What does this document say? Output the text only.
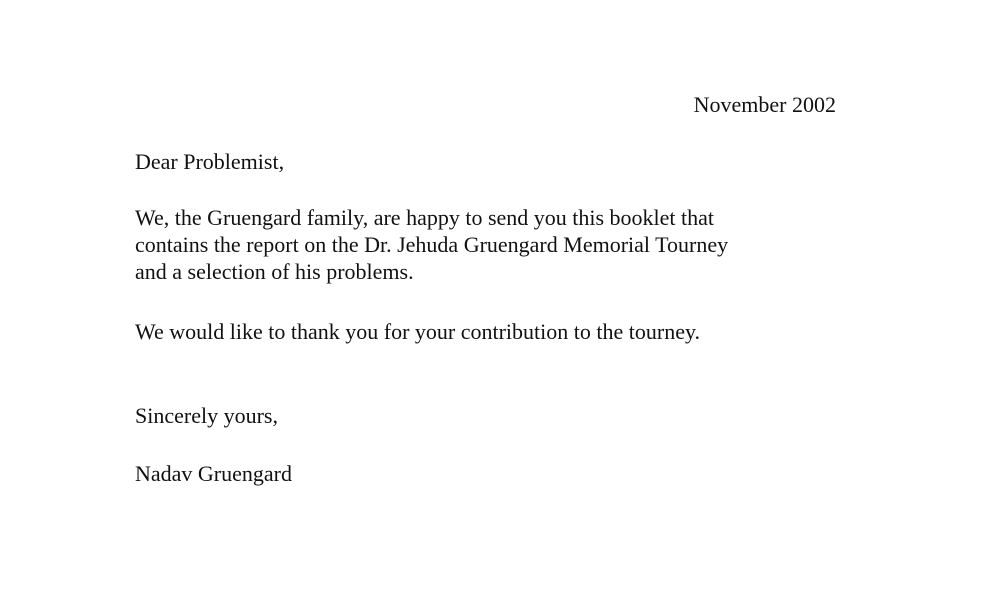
November 2002
Dear Problemist,
We, the Gruengard family, are happy to send you this booklet that
contains the report on the Dr. Jehuda Gruengard Memorial Tourney
and a selection of his problems.
We would like to thank you for your contribution to the tourney.
Sincerely yours,
Nadav Gruengard
